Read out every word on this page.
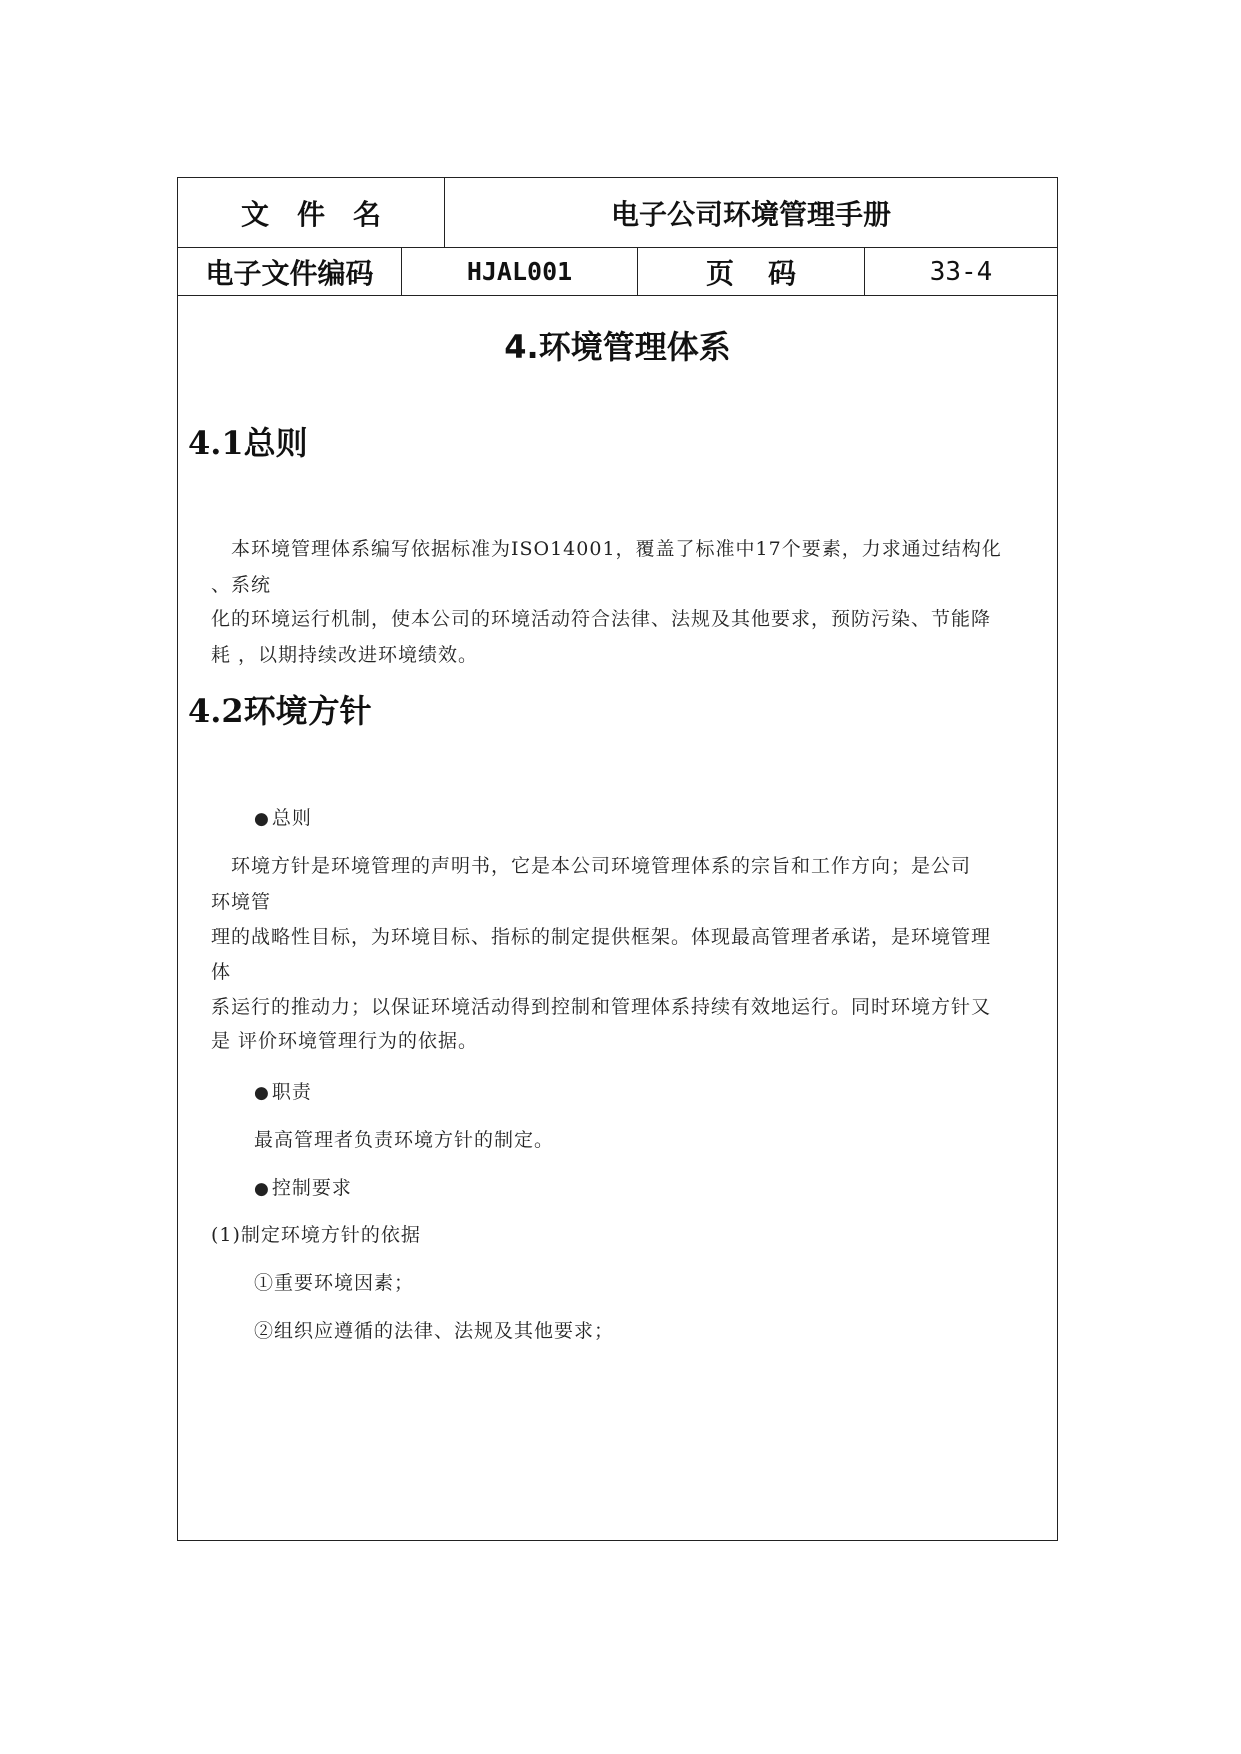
文件名	电子公司环境管理手册
电子文件编码	HJAL001	页码	33-4
4.环境管理体系
4.1总则
本环境管理体系编写依据标准为ISO14001，覆盖了标准中17个要素，力求通过结构化
、系统
化的环境运行机制，使本公司的环境活动符合法律、法规及其他要求，预防污染、节能降
耗 ，以期持续改进环境绩效。
4.2环境方针
● 总则
环境方针是环境管理的声明书，它是本公司环境管理体系的宗旨和工作方向；是公司
环境管
理的战略性目标，为环境目标、指标的制定提供框架。体现最高管理者承诺，是环境管理
体
系运行的推动力；以保证环境活动得到控制和管理体系持续有效地运行。同时环境方针又
是 评价环境管理行为的依据。
● 职责
最高管理者负责环境方针的制定。
● 控制要求
(1)制定环境方针的依据
①重要环境因素；
②组织应遵循的法律、法规及其他要求；
